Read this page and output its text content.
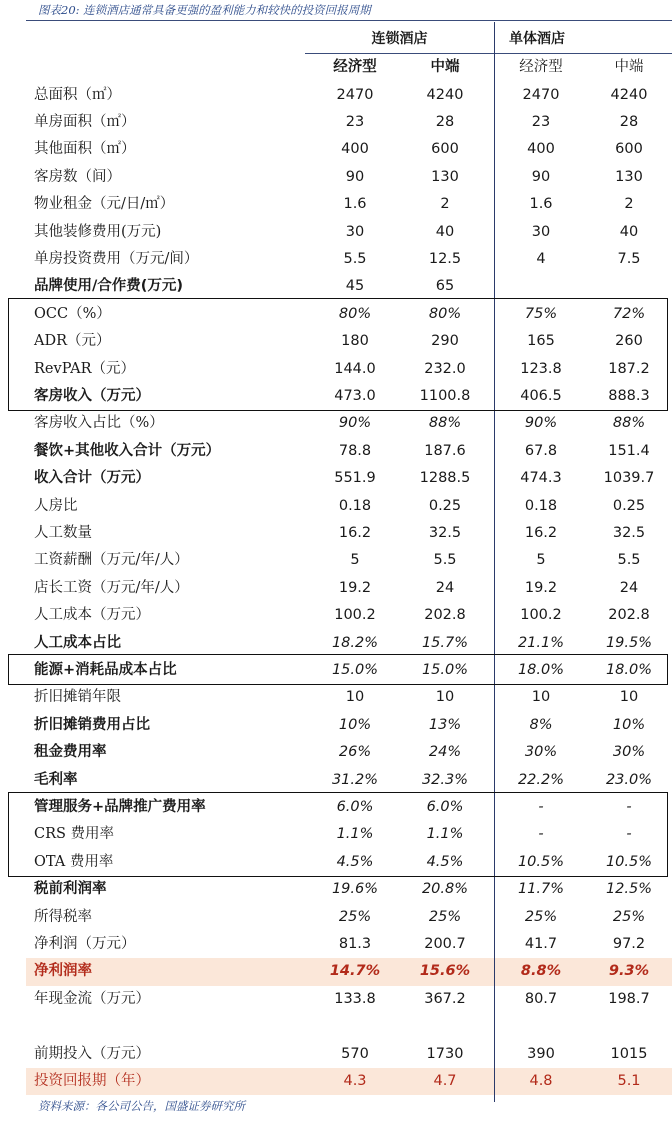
图表20: 连锁酒店通常具备更强的盈利能力和较快的投资回报周期
连锁酒店	单体酒店
经济型	中端	经济型	中端
总面积（㎡）	2470	4240	2470	4240
单房面积（㎡）	23	28	23	28
其他面积（㎡）	400	600	400	600
客房数（间）	90	130	90	130
物业租金（元/日/㎡）	1.6	2	1.6	2
其他装修费用(万元)	30	40	30	40
单房投资费用（万元/间）	5.5	12.5	4	7.5
品牌使用/合作费(万元)	45	65
OCC（%）	80%	80%	75%	72%
ADR（元）	180	290	165	260
RevPAR（元）	144.0	232.0	123.8	187.2
客房收入（万元）	473.0	1100.8	406.5	888.3
客房收入占比（%）	90%	88%	90%	88%
餐饮+其他收入合计（万元）	78.8	187.6	67.8	151.4
收入合计（万元）	551.9	1288.5	474.3	1039.7
人房比	0.18	0.25	0.18	0.25
人工数量	16.2	32.5	16.2	32.5
工资薪酬（万元/年/人）	5	5.5	5	5.5
店长工资（万元/年/人）	19.2	24	19.2	24
人工成本（万元）	100.2	202.8	100.2	202.8
人工成本占比	18.2%	15.7%	21.1%	19.5%
能源+消耗品成本占比	15.0%	15.0%	18.0%	18.0%
折旧摊销年限	10	10	10	10
折旧摊销费用占比	10%	13%	8%	10%
租金费用率	26%	24%	30%	30%
毛利率	31.2%	32.3%	22.2%	23.0%
管理服务+品牌推广费用率	6.0%	6.0%	-	-
CRS 费用率	1.1%	1.1%	-	-
OTA 费用率	4.5%	4.5%	10.5%	10.5%
税前利润率	19.6%	20.8%	11.7%	12.5%
所得税率	25%	25%	25%	25%
净利润（万元）	81.3	200.7	41.7	97.2
净利润率	14.7%	15.6%	8.8%	9.3%
年现金流（万元）	133.8	367.2	80.7	198.7
前期投入（万元）	570	1730	390	1015
投资回报期（年）	4.3	4.7	4.8	5.1
资料来源：各公司公告，国盛证券研究所
